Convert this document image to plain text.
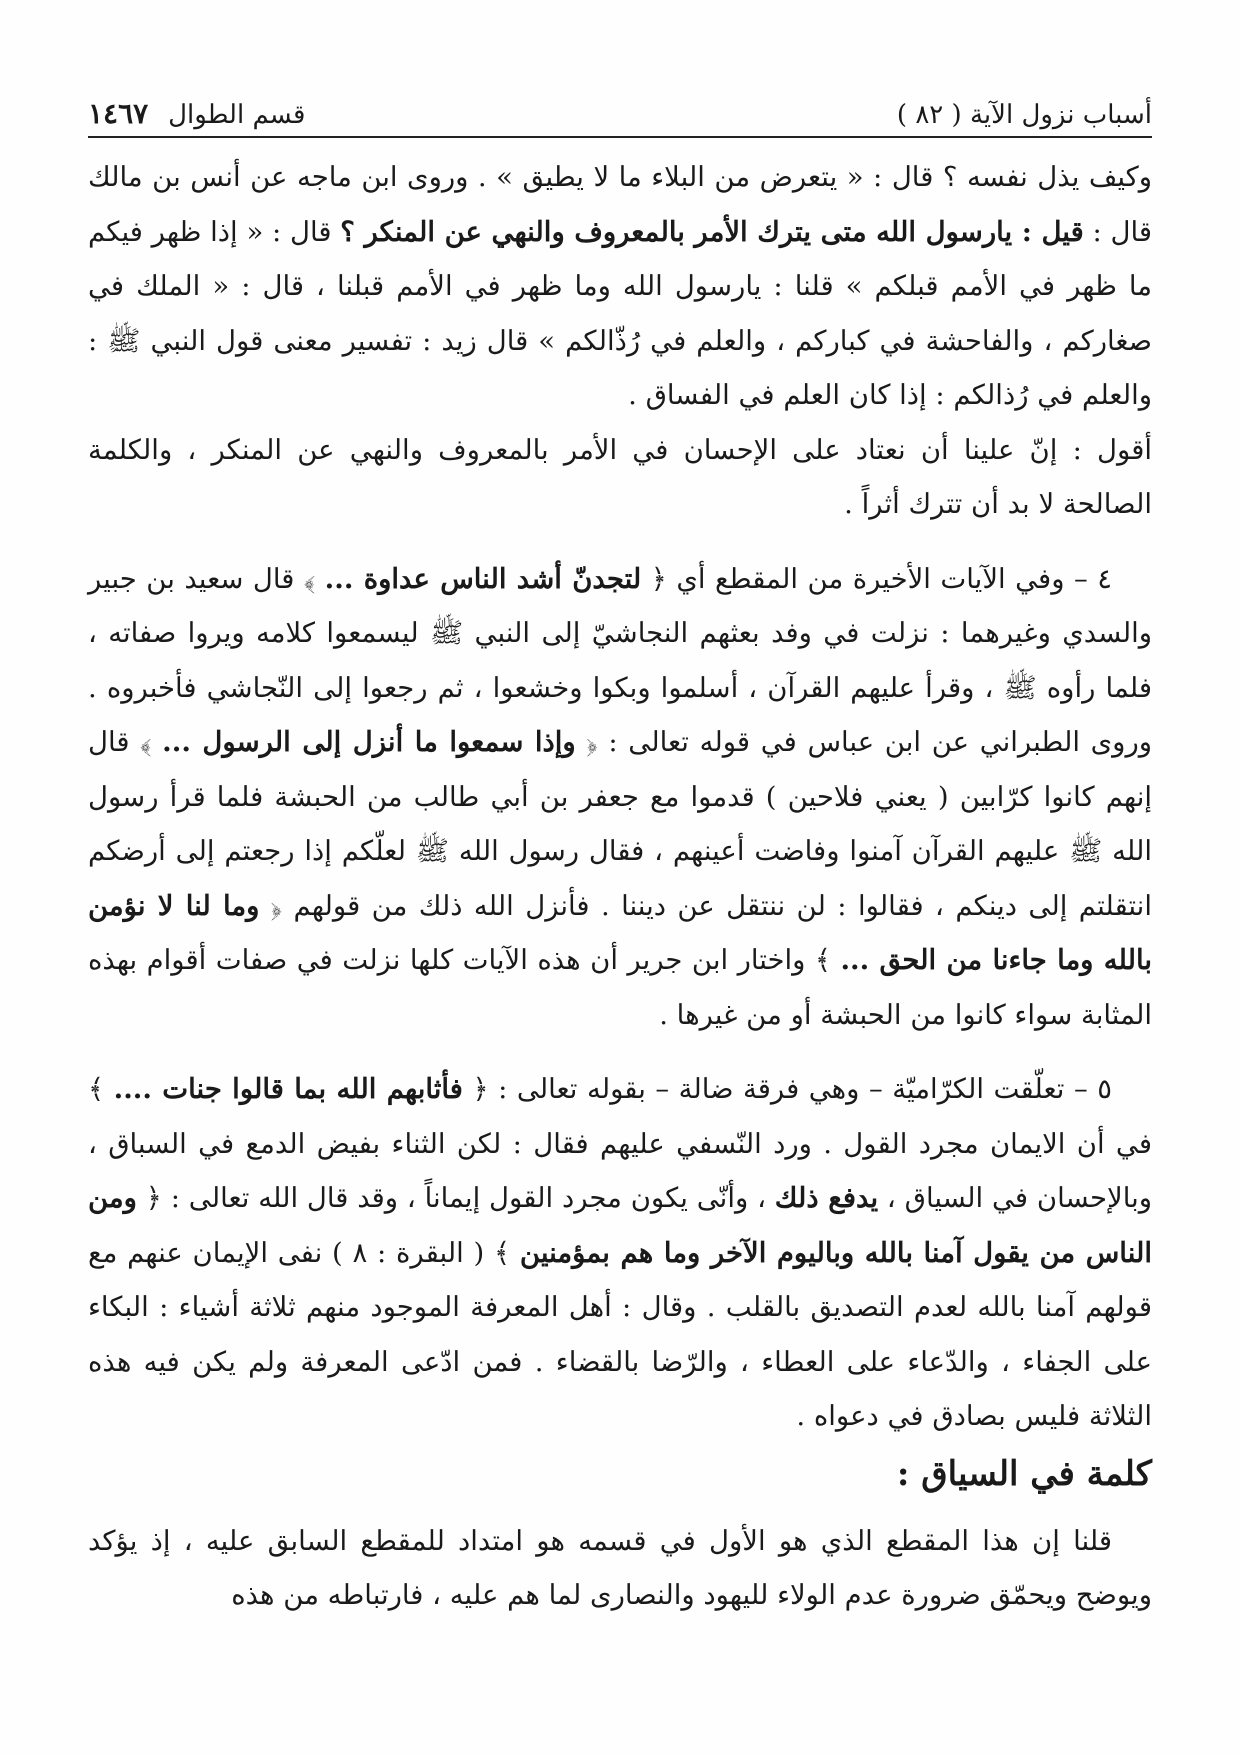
أسباب نزول الآية ( ٨٢ )
قسم الطوال
١٤٦٧

وكيف يذل نفسه ؟ قال : « يتعرض من البلاء ما لا يطيق » . وروى ابن ماجه عن أنس بن مالك قال : قيل : يارسول الله متى يترك الأمر بالمعروف والنهي عن المنكر ؟ قال : « إذا ظهر فيكم ما ظهر في الأمم قبلكم » قلنا : يارسول الله وما ظهر في الأمم قبلنا ، قال : « الملك في صغاركم ، والفاحشة في كباركم ، والعلم في رُذّالكم » قال زيد : تفسير معنى قول النبي ﷺ : والعلم في رُذالكم : إذا كان العلم في الفساق .

أقول : إنّ علينا أن نعتاد على الإحسان في الأمر بالمعروف والنهي عن المنكر ، والكلمة الصالحة لا بد أن تترك أثراً .

٤ – وفي الآيات الأخيرة من المقطع أي ﴿ لتجدنّ أشد الناس عداوة ... ﴾ قال سعيد بن جبير والسدي وغيرهما : نزلت في وفد بعثهم النجاشيّ إلى النبي ﷺ ليسمعوا كلامه ويروا صفاته ، فلما رأوه ﷺ ، وقرأ عليهم القرآن ، أسلموا وبكوا وخشعوا ، ثم رجعوا إلى النّجاشي فأخبروه . وروى الطبراني عن ابن عباس في قوله تعالى : ﴿ وإذا سمعوا ما أنزل إلى الرسول ... ﴾ قال إنهم كانوا كرّابين ( يعني فلاحين ) قدموا مع جعفر بن أبي طالب من الحبشة فلما قرأ رسول الله ﷺ عليهم القرآن آمنوا وفاضت أعينهم ، فقال رسول الله ﷺ لعلّكم إذا رجعتم إلى أرضكم انتقلتم إلى دينكم ، فقالوا : لن ننتقل عن ديننا . فأنزل الله ذلك من قولهم ﴿ وما لنا لا نؤمن بالله وما جاءنا من الحق ... ﴾ واختار ابن جرير أن هذه الآيات كلها نزلت في صفات أقوام بهذه المثابة سواء كانوا من الحبشة أو من غيرها .

٥ – تعلّقت الكرّاميّة – وهي فرقة ضالة – بقوله تعالى : ﴿ فأثابهم الله بما قالوا جنات .... ﴾ في أن الايمان مجرد القول . ورد النّسفي عليهم فقال : لكن الثناء بفيض الدمع في السباق ، وبالإحسان في السياق ، يدفع ذلك ، وأنّى يكون مجرد القول إيماناً ، وقد قال الله تعالى : ﴿ ومن الناس من يقول آمنا بالله وباليوم الآخر وما هم بمؤمنين ﴾ ( البقرة : ٨ ) نفى الإيمان عنهم مع قولهم آمنا بالله لعدم التصديق بالقلب . وقال : أهل المعرفة الموجود منهم ثلاثة أشياء : البكاء على الجفاء ، والدّعاء على العطاء ، والرّضا بالقضاء . فمن ادّعى المعرفة ولم يكن فيه هذه الثلاثة فليس بصادق في دعواه .

كلمة في السياق :

قلنا إن هذا المقطع الذي هو الأول في قسمه هو امتداد للمقطع السابق عليه ، إذ يؤكد ويوضح ويحمّق ضرورة عدم الولاء لليهود والنصارى لما هم عليه ، فارتباطه من هذه
